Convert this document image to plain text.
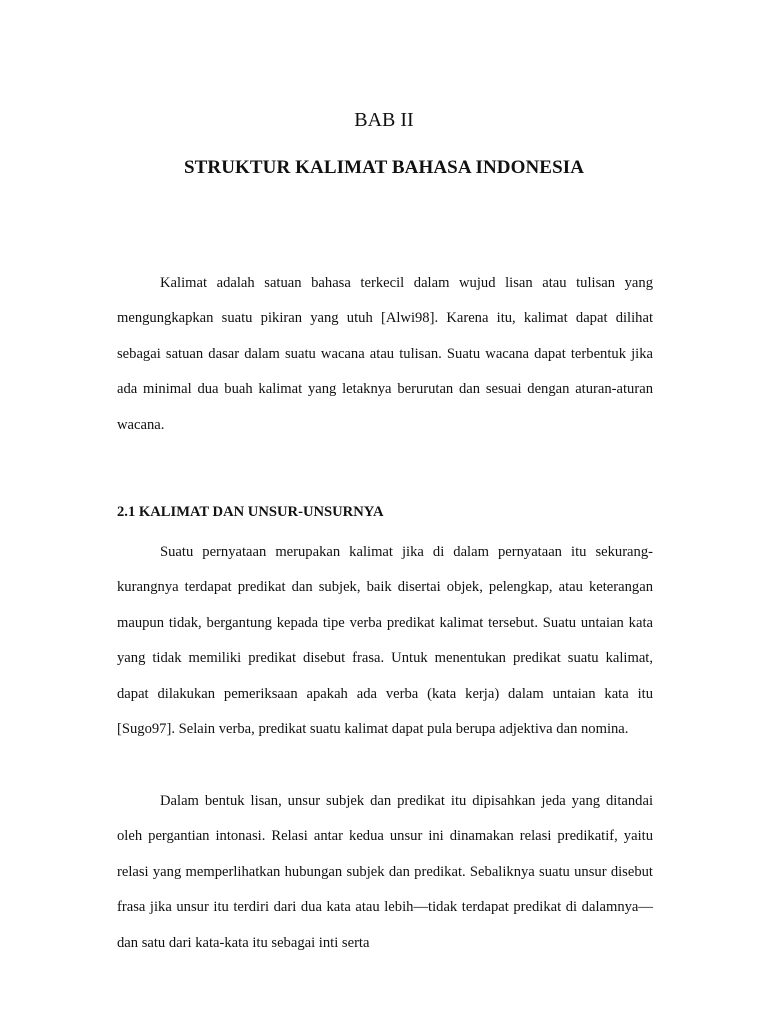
BAB II
STRUKTUR KALIMAT BAHASA INDONESIA

Kalimat adalah satuan bahasa terkecil dalam wujud lisan atau tulisan yang mengungkapkan suatu pikiran yang utuh [Alwi98]. Karena itu, kalimat dapat dilihat sebagai satuan dasar dalam suatu wacana atau tulisan. Suatu wacana dapat terbentuk jika ada minimal dua buah kalimat yang letaknya berurutan dan sesuai dengan aturan-aturan wacana.

2.1 KALIMAT DAN UNSUR-UNSURNYA

Suatu pernyataan merupakan kalimat jika di dalam pernyataan itu sekurang-kurangnya terdapat predikat dan subjek, baik disertai objek, pelengkap, atau keterangan maupun tidak, bergantung kepada tipe verba predikat kalimat tersebut. Suatu untaian kata yang tidak memiliki predikat disebut frasa. Untuk menentukan predikat suatu kalimat, dapat dilakukan pemeriksaan apakah ada verba (kata kerja) dalam untaian kata itu [Sugo97]. Selain verba, predikat suatu kalimat dapat pula berupa adjektiva dan nomina.

Dalam bentuk lisan, unsur subjek dan predikat itu dipisahkan jeda yang ditandai oleh pergantian intonasi. Relasi antar kedua unsur ini dinamakan relasi predikatif, yaitu relasi yang memperlihatkan hubungan subjek dan predikat. Sebaliknya suatu unsur disebut frasa jika unsur itu terdiri dari dua kata atau lebih—tidak terdapat predikat di dalamnya—dan satu dari kata-kata itu sebagai inti serta
